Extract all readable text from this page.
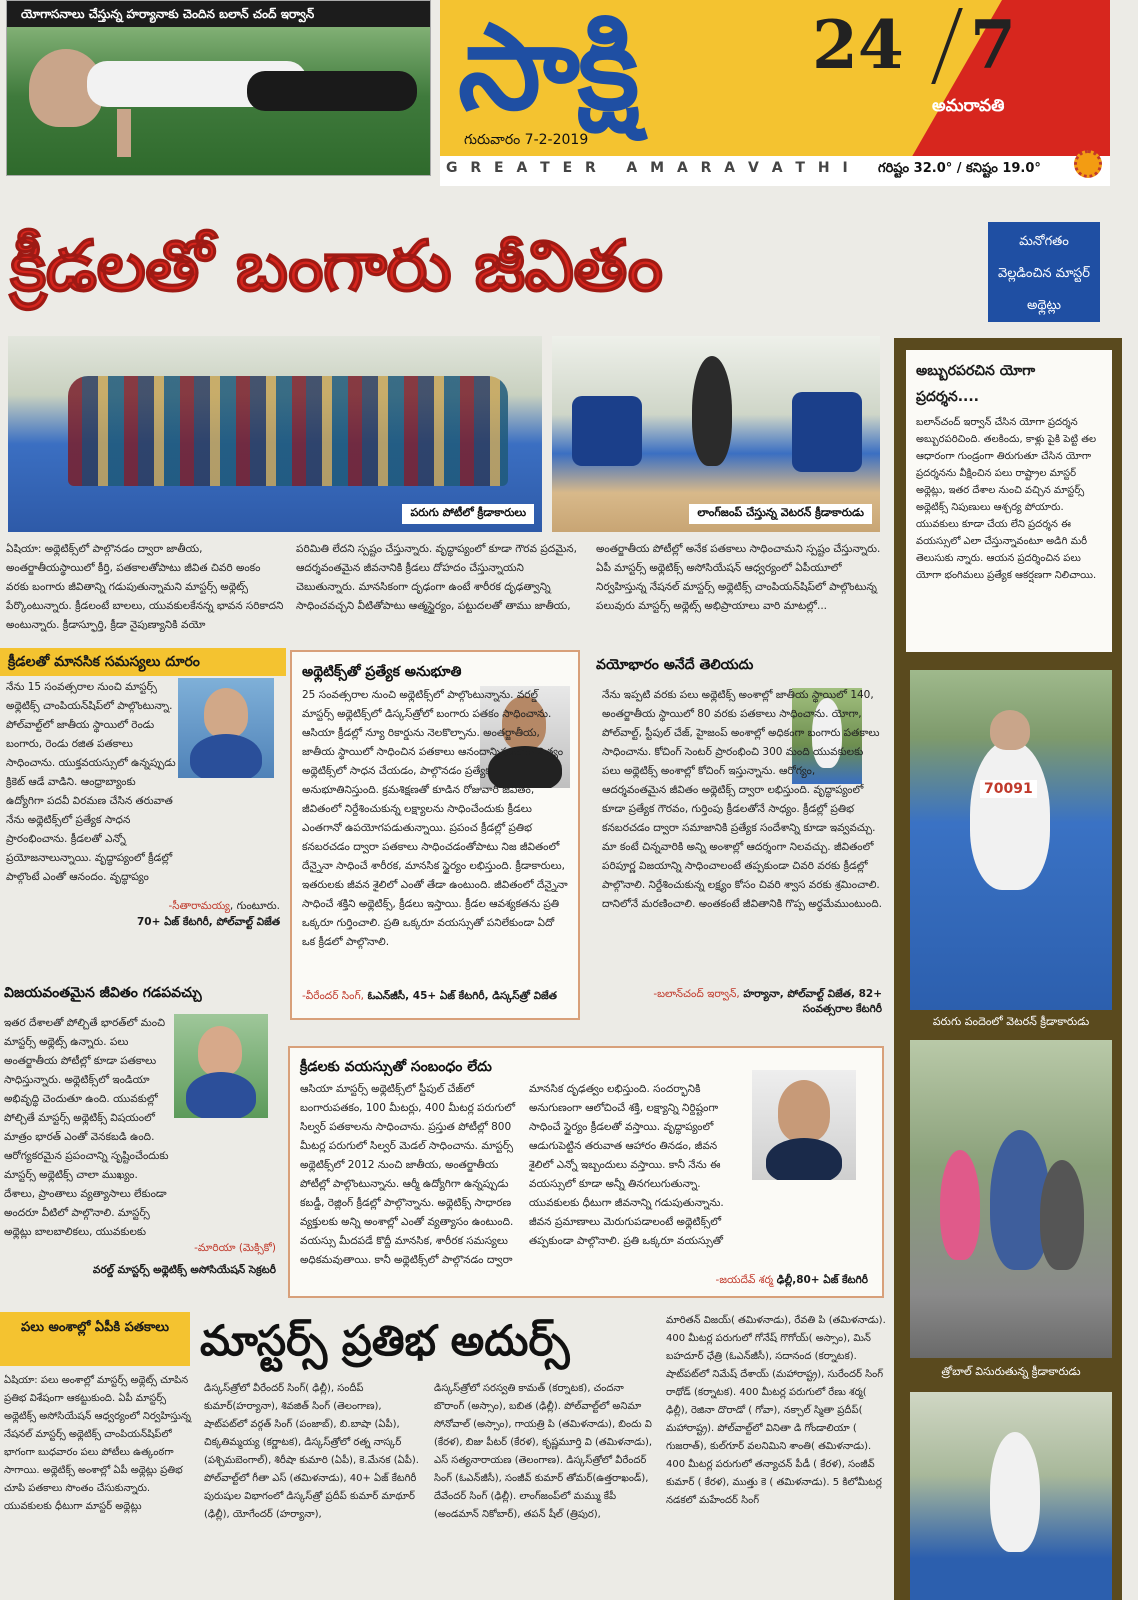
యోగాసనాలు చేస్తున్న హర్యానాకు చెందిన బలాన్ చంద్ ఇర్వాన్	సాక్షి	24 7
అమరావతి
గురువారం 7-2-2019
G R E A T E R   A M A R A V A T H I గరిష్టం 32.0° / కనిష్టం 19.0°
క్రీడలతో బంగారు జీవితం	మనోగతం వెల్లడించిన మాస్టర్ అథ్లెట్లు
పరుగు పోటీలో క్రీడాకారులు	లాంగ్‌జంప్ చేస్తున్న వెటరన్ క్రీడాకారుడు
అబ్బురపరచిన యోగా ప్రదర్శన....
బలాన్‌చంద్ ఇర్వాన్ చేసిన యోగా ప్రదర్శన అబ్బురపరిచింది. తలకిందు, కాళ్లు పైకి పెట్టి తల ఆధారంగా గుండ్రంగా తిరుగుతూ చేసిన యోగా ప్రదర్శనను వీక్షించిన పలు రాష్ట్రాల మాస్టర్ అథ్లెట్లు, ఇతర దేశాల నుంచి వచ్చిన మాస్టర్స్ అథ్లెటిక్స్ నిపుణులు ఆశ్చర్య పోయారు. యువకులు కూడా చేయ లేని ప్రదర్శన ఈ వయస్సులో ఎలా చేస్తున్నావంటూ అడిగి మరీ తెలుసుకు న్నారు. ఆయన ప్రదర్శించిన పలు యోగా భంగిమలు ప్రత్యేక ఆకర్షణగా నిలిచాయి.
70091
పరుగు పందెంలో వెటరన్ క్రీడాకారుడు
త్రోబాల్ విసురుతున్న క్రీడాకారుడు
ఏషియా: అథ్లెటిక్స్‌లో పాల్గొనడం ద్వారా జాతీయ, అంతర్జాతీయస్థాయిలో కీర్తి, పతకాలతోపాటు జీవిత చివరి అంకం వరకు బంగారు జీవితాన్ని గడుపుతున్నామని మాస్టర్స్ అథ్లెట్స్ పేర్కొంటున్నారు. క్రీడలంటే బాలలు, యువకులకేనన్న భావన సరికాదని అంటున్నారు. క్రీడాస్ఫూర్తి, క్రీడా నైపుణ్యానికి వయో
పరిమితి లేదని స్పష్టం చేస్తున్నారు. వృద్ధాప్యంలో కూడా గౌరవ ప్రదమైన, ఆదర్శవంతమైన జీవనానికి క్రీడలు దోహదం చేస్తున్నాయని చెబుతున్నారు. మానసికంగా దృఢంగా ఉంటే శారీరక దృఢత్వాన్ని సాధించవచ్చని వీటితోపాటు ఆత్మస్థైర్యం, పట్టుదలతో తాము జాతీయ,
అంతర్జాతీయ పోటీల్లో అనేక పతకాలు సాధించామని స్పష్టం చేస్తున్నారు. ఏపీ మాస్టర్స్ అథ్లెటిక్స్ అసోసియేషన్ ఆధ్వర్యంలో ఏపీయూలో నిర్వహిస్తున్న నేషనల్ మాస్టర్స్ అథ్లెటిక్స్ చాంపియన్‌షిప్‌లో పాల్గొంటున్న పలువురు మాస్టర్స్ అథ్లెట్స్ అభిప్రాయాలు వారి మాటల్లో...
క్రీడలతో మానసిక సమస్యలు దూరం
నేను 15 సంవత్సరాల నుంచి మాస్టర్స్ అథ్లెటిక్స్ చాంపియన్‌షిప్‌లో పాల్గొంటున్నా. పోల్‌వాల్ట్‌లో జాతీయ స్థాయిలో రెండు బంగారు, రెండు రజిత పతకాలు సాధించాను. యుక్తవయస్సులో ఉన్నప్పుడు క్రికెట్ ఆడే వాడిని. ఆంధ్రాబ్యాంకు ఉద్యోగిగా పదవీ విరమణ చేసిన తరువాత నేను అథ్లెటిక్స్‌లో ప్రత్యేక సాధన ప్రారంభించాను. క్రీడలతో ఎన్నో ప్రయోజనాలున్నాయి. వృద్ధాప్యంలో క్రీడల్లో పాల్గొంటే ఎంతో ఆనందం. వృద్ధాప్యం
-సీతారామయ్య, గుంటూరు.
70+ ఏజ్ కేటగిరీ, పోల్‌వాల్ట్ విజేత
అథ్లెటిక్స్‌తో ప్రత్యేక అనుభూతి
25 సంవత్సరాల నుంచి అథ్లెటిక్స్‌లో పాల్గొంటున్నాను. వరల్డ్ మాస్టర్స్ అథ్లెటిక్స్‌లో డిస్కస్‌త్రోలో బంగారు పతకం సాధించాను. ఆసియా క్రీడల్లో న్యూ రికార్డును నెలకొల్పాను. అంతర్జాతీయ, జాతీయ స్థాయిలో సాధించిన పతకాలు ఆనందాన్నిస్తుండగా నిత్యం అథ్లెటిక్స్‌లో సాధన చేయడం, పాల్గొనడం ప్రత్యేక అనుభూతినిస్తుంది. క్రమశిక్షణతో కూడిన రోజువారీ జీవితం, జీవితంలో నిర్దేశించుకున్న లక్ష్యాలను సాధించేందుకు క్రీడలు ఎంతగానో ఉపయోగపడుతున్నాయి. ప్రపంచ క్రీడల్లో ప్రతిభ కనబరచడం ద్వారా పతకాలు సాధించడంతోపాటు నిజ జీవితంలో దేన్నైనా సాధించే శారీరక, మానసిక స్థైర్యం లభిస్తుంది. క్రీడాకారులు, ఇతరులకు జీవన శైలిలో ఎంతో తేడా ఉంటుంది. జీవితంలో దేన్నైనా సాధించే శక్తిని అథ్లెటిక్స్, క్రీడలు ఇస్తాయి. క్రీడల ఆవశ్యకతను ప్రతి ఒక్కరూ గుర్తించాలి. ప్రతి ఒక్కరూ వయస్సుతో పనిలేకుండా ఏదో ఒక క్రీడలో పాల్గొనాలి.
-వీరేందర్ సింగ్, ఓఎన్‌జీసీ, 45+ ఏజ్ కేటగిరీ, డిస్కస్‌త్రో విజేత
వయోభారం అనేదే తెలియదు
నేను ఇప్పటి వరకు పలు అథ్లెటిక్స్ అంశాల్లో జాతీయ స్థాయిలో 140, అంతర్జాతీయ స్థాయిలో 80 వరకు పతకాలు సాధించాను. యోగా, పోల్‌వాల్ట్, స్టీపుల్ చేజ్, హైజంప్ అంశాల్లో అధికంగా బంగారు పతకాలు సాధించాను. కోచింగ్ సెంటర్ ప్రారంభించి 300 మంది యువకులకు పలు అథ్లెటిక్స్ అంశాల్లో కోచింగ్ ఇస్తున్నాను. ఆరోగ్యం, ఆదర్శవంతమైన జీవితం అథ్లెటిక్స్ ద్వారా లభిస్తుంది. వృద్ధాప్యంలో కూడా ప్రత్యేక గౌరవం, గుర్తింపు క్రీడలతోనే సాధ్యం. క్రీడల్లో ప్రతిభ కనబరచడం ద్వారా సమాజానికి ప్రత్యేక సందేశాన్ని కూడా ఇవ్వవచ్చు. మా కంటే చిన్నవారికి అన్ని అంశాల్లో ఆదర్శంగా నిలవచ్చు. జీవితంలో పరిపూర్ణ విజయాన్ని సాధించాలంటే తప్పకుండా చివరి వరకు క్రీడల్లో పాల్గొనాలి. నిర్దేశించుకున్న లక్ష్యం కోసం చివరి శ్వాస వరకు శ్రమించాలి. దానిలోనే మరణించాలి. అంతకంటే జీవితానికి గొప్ప అర్థమేముంటుంది.
-బలాన్‌చంద్ ఇర్వాన్, హర్యానా, పోల్‌వాల్ట్ విజేత, 82+ సంవత్సరాల కేటగిరీ
విజయవంతమైన జీవితం గడపవచ్చు
ఇతర దేశాలతో పోల్చితే భారత్‌లో మంచి మాస్టర్స్ అథ్లెట్స్ ఉన్నారు. పలు అంతర్జాతీయ పోటీల్లో కూడా పతకాలు సాధిస్తున్నారు. అథ్లెటిక్స్‌లో ఇండియా అభివృద్ధి చెందుతూ ఉంది. యువకుల్లో పోల్చితే మాస్టర్స్ అథ్లెటిక్స్ విషయంలో మాత్రం భారత్ ఎంతో వెనకబడి ఉంది. ఆరోగ్యకరమైన ప్రపంచాన్ని సృష్టించేందుకు మాస్టర్స్ అథ్లెటిక్స్ చాలా ముఖ్యం. దేశాలు, ప్రాంతాలు వ్యత్యాసాలు లేకుండా అందరూ వీటిలో పాల్గొనాలి. మాస్టర్స్ అథ్లెట్లు బాలబాలికలు, యువకులకు
-మారియా (మెక్సికో)
వరల్డ్ మాస్టర్స్ అథ్లెటిక్స్ అసోసియేషన్ సెక్రటరీ
క్రీడలకు వయస్సుతో సంబంధం లేదు
ఆసియా మాస్టర్స్ అథ్లెటిక్స్‌లో స్టీపుల్ చేజ్‌లో బంగారుపతకం, 100 మీటర్లు, 400 మీటర్ల పరుగులో సిల్వర్ పతకాలను సాధించాను. ప్రస్తుత పోటీల్లో 800 మీటర్ల పరుగులో సిల్వర్ మెడల్ సాధించాను. మాస్టర్స్ అథ్లెటిక్స్‌లో 2012 నుంచి జాతీయ, అంతర్జాతీయ పోటీల్లో పాల్గొంటున్నాను. ఆర్మీ ఉద్యోగిగా ఉన్నప్పుడు కబడ్డీ, రెజ్లింగ్ క్రీడల్లో పాల్గొన్నాను. అథ్లెటిక్స్ సాధారణ వ్యక్తులకు అన్ని అంశాల్లో ఎంతో వ్యత్యాసం ఉంటుంది. వయస్సు మీదపడే కొద్దీ మానసిక, శారీరక సమస్యలు అధికమవుతాయి. కానీ అథ్లెటిక్స్‌లో పాల్గొనడం ద్వారా మానసిక దృఢత్వం లభిస్తుంది. సందర్భానికి అనుగుణంగా ఆలోచించే శక్తి, లక్ష్యాన్ని నిర్దిష్టంగా సాధించే స్థైర్యం క్రీడలతో వస్తాయి. వృద్ధాప్యంలో ఆడుగుపెట్టిన తరువాత ఆహారం తినడం, జీవన శైలిలో ఎన్నో ఇబ్బందులు వస్తాయి. కానీ నేను ఈ వయస్సులో కూడా అన్నీ తినగలుగుతున్నా. యువకులకు ధీటుగా జీవనాన్ని గడుపుతున్నాను. జీవన ప్రమాణాలు మెరుగుపడాలంటే అథ్లెటిక్స్‌లో తప్పకుండా పాల్గొనాలి. ప్రతి ఒక్కరూ వయస్సుతో
-జయదేవ్ శర్మ ఢిల్లీ,80+ ఏజ్ కేటగిరీ
పలు అంశాల్లో ఏపీకి పతకాలు మాస్టర్స్ ప్రతిభ అదుర్స్
ఏషియా: పలు అంశాల్లో మాస్టర్స్ అథ్లెట్స్ చూపిన ప్రతిభ విశేషంగా ఆకట్టుకుంది. ఏపీ మాస్టర్స్ అథ్లెటిక్స్ అసోసియేషన్ ఆధ్వర్యంలో నిర్వహిస్తున్న నేషనల్ మాస్టర్స్ అథ్లెటిక్స్ చాంపియన్‌షిప్‌లో భాగంగా బుధవారం పలు పోటీలు ఉత్కంఠగా సాగాయి. అథ్లెటిక్స్ అంశాల్లో ఏపీ అథ్లెట్లు ప్రతిభ చూపి పతకాలు సొంతం చేసుకున్నారు. యువకులకు ధీటుగా మాస్టర్ అథ్లెట్లు
డిస్కస్‌త్రోలో వీరేందర్ సింగ్( ఢిల్లీ), సందీప్ కుమార్(హర్యానా), శివజిత్ సింగ్ (తెలంగాణ), షాట్‌పట్‌లో వర్గత్ సింగ్ (పంజాబ్), బి.బాషా (ఏపీ), చిక్కతిమ్మయ్య (కర్ణాటక), డిస్కస్‌త్రోలో రత్న నాస్కర్ (పశ్చిమబెంగాల్), శిరీషా కుమారి (ఏపీ), కె.మేనక (ఏపీ). పోల్‌వాల్ట్‌లో గీతా ఎస్ (తమిళనాడు), 40+ ఏజ్ కేటగిరీ పురుషుల విభాగంలో డిస్కస్‌త్రో ప్రదీప్ కుమార్ మాథూర్ (ఢిల్లీ), యోగేందర్ (హర్యానా),
డిస్కస్‌త్రోలో సరస్వతి కామత్ (కర్నాటక), చందనా బొరాంగ్ (అస్సాం), బబిత (ఢిల్లీ). పోల్‌వాల్ట్‌లో అనిమా సోనోవాల్ (అస్సాం), గాయత్రి పి (తమిళనాడు), బిందు వి (కేరళ), బిజు పీటర్ (కేరళ), కృష్ణమూర్తి వి (తమిళనాడు), ఎస్ సత్యనారాయణ (తెలంగాణ). డిస్కస్‌త్రోలో వీరేందర్ సింగ్ (ఓఎన్‌జీసీ), సంజీవ్ కుమార్ తోమర్(ఉత్తరాఖండ్), దేవేందర్ సింగ్ (ఢిల్లీ). లాంగ్‌జంప్‌లో మమ్ము కేపీ (అండమాన్ నికోబార్), తపన్ షీల్ (త్రిపుర),
మారితన్ విజయ్( తమిళనాడు), రేవతి పి (తమిళనాడు). 400 మీటర్ల పరుగులో గోనేష్ గొగోయ్( అస్సాం), మిన్ బహదూర్ ఛేత్రి (ఓఎన్‌జీసీ), సదానంద (కర్నాటక). షాట్‌పట్‌లో నిమేష్ దేశాయ్ (మహారాష్ట్ర), సురేందర్ సింగ్ రాథోడ్ (కర్నాటక). 400 మీటర్ల పరుగులో రేణు శర్మ( ఢిల్లీ), రెజినా దొరాడో ( గోవా), నక్చాల్ స్మితా ప్రదీప్( మహారాష్ట్ర). పోల్‌వాల్ట్‌లో వినితా డి గోండాలియా ( గుజరాత్), కుల్‌గూర్ వలనిమిని శాంతి( తమిళనాడు). 400 మీటర్ల పరుగులో తన్యాచన్ పీడీ ( కేరళ), సంజీవ్ కుమార్ ( కేరళ), ముత్తు కె ( తమిళనాడు). 5 కిలోమీటర్ల నడకలో మహేందర్ సింగ్
